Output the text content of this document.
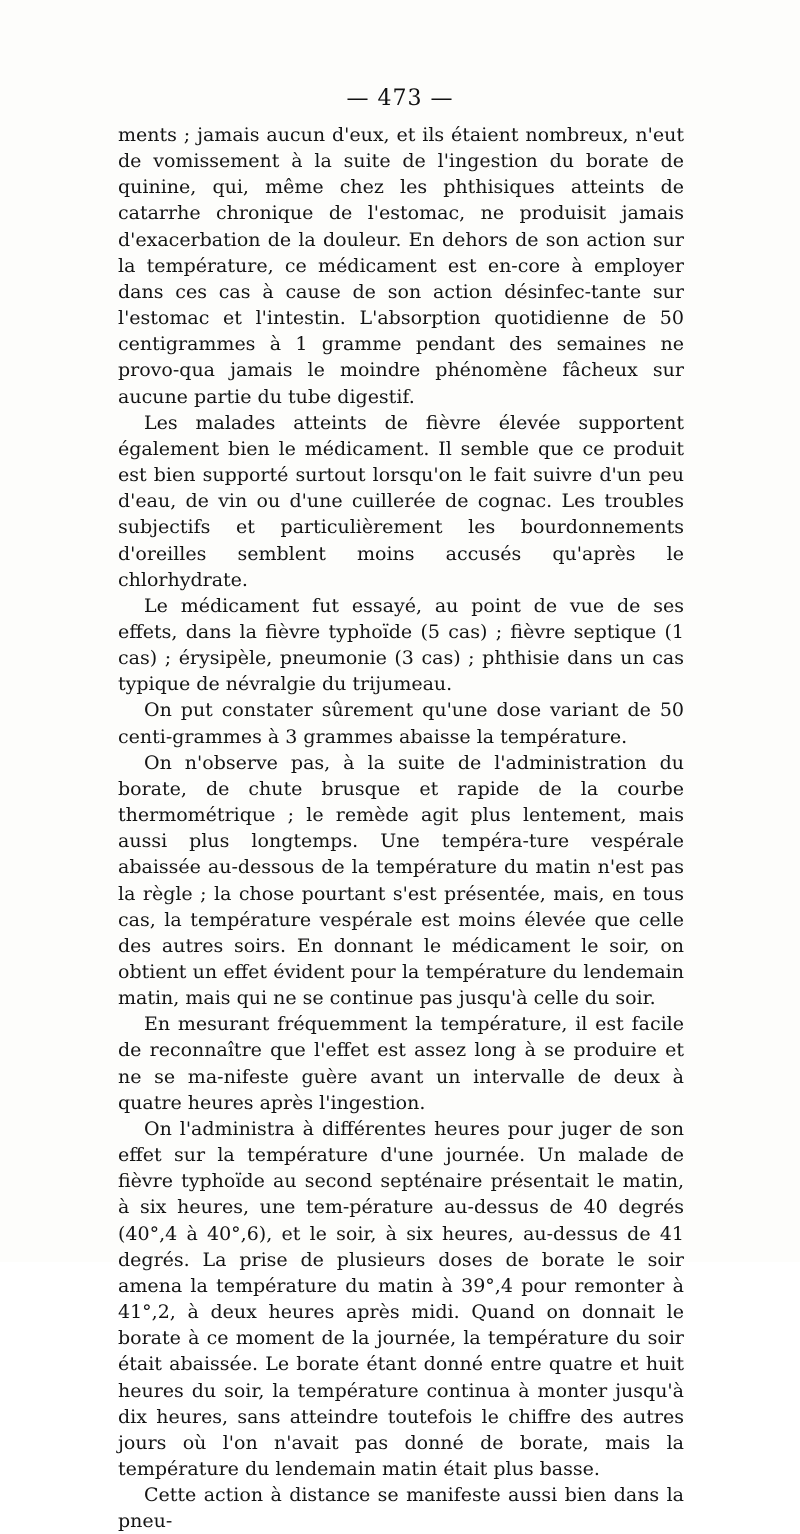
— 473 —

ments ; jamais aucun d'eux, et ils étaient nombreux, n'eut de vomissement à la suite de l'ingestion du borate de quinine, qui, même chez les phthisiques atteints de catarrhe chronique de l'estomac, ne produisit jamais d'exacerbation de la douleur. En dehors de son action sur la température, ce médicament est en-core à employer dans ces cas à cause de son action désinfec-tante sur l'estomac et l'intestin. L'absorption quotidienne de 50 centigrammes à 1 gramme pendant des semaines ne provo-qua jamais le moindre phénomène fâcheux sur aucune partie du tube digestif.

Les malades atteints de fièvre élevée supportent également bien le médicament. Il semble que ce produit est bien supporté surtout lorsqu'on le fait suivre d'un peu d'eau, de vin ou d'une cuillerée de cognac. Les troubles subjectifs et particulièrement les bourdonnements d'oreilles semblent moins accusés qu'après le chlorhydrate.

Le médicament fut essayé, au point de vue de ses effets, dans la fièvre typhoïde (5 cas) ; fièvre septique (1 cas) ; érysipèle, pneumonie (3 cas) ; phthisie dans un cas typique de névralgie du trijumeau.

On put constater sûrement qu'une dose variant de 50 centi-grammes à 3 grammes abaisse la température.

On n'observe pas, à la suite de l'administration du borate, de chute brusque et rapide de la courbe thermométrique ; le remède agit plus lentement, mais aussi plus longtemps. Une tempéra-ture vespérale abaissée au-dessous de la température du matin n'est pas la règle ; la chose pourtant s'est présentée, mais, en tous cas, la température vespérale est moins élevée que celle des autres soirs. En donnant le médicament le soir, on obtient un effet évident pour la température du lendemain matin, mais qui ne se continue pas jusqu'à celle du soir.

En mesurant fréquemment la température, il est facile de reconnaître que l'effet est assez long à se produire et ne se ma-nifeste guère avant un intervalle de deux à quatre heures après l'ingestion.

On l'administra à différentes heures pour juger de son effet sur la température d'une journée. Un malade de fièvre typhoïde au second septénaire présentait le matin, à six heures, une tem-pérature au-dessus de 40 degrés (40°,4 à 40°,6), et le soir, à six heures, au-dessus de 41 degrés. La prise de plusieurs doses de borate le soir amena la température du matin à 39°,4 pour remonter à 41°,2, à deux heures après midi. Quand on donnait le borate à ce moment de la journée, la température du soir était abaissée. Le borate étant donné entre quatre et huit heures du soir, la température continua à monter jusqu'à dix heures, sans atteindre toutefois le chiffre des autres jours où l'on n'avait pas donné de borate, mais la température du lendemain matin était plus basse.

Cette action à distance se manifeste aussi bien dans la pneu-
